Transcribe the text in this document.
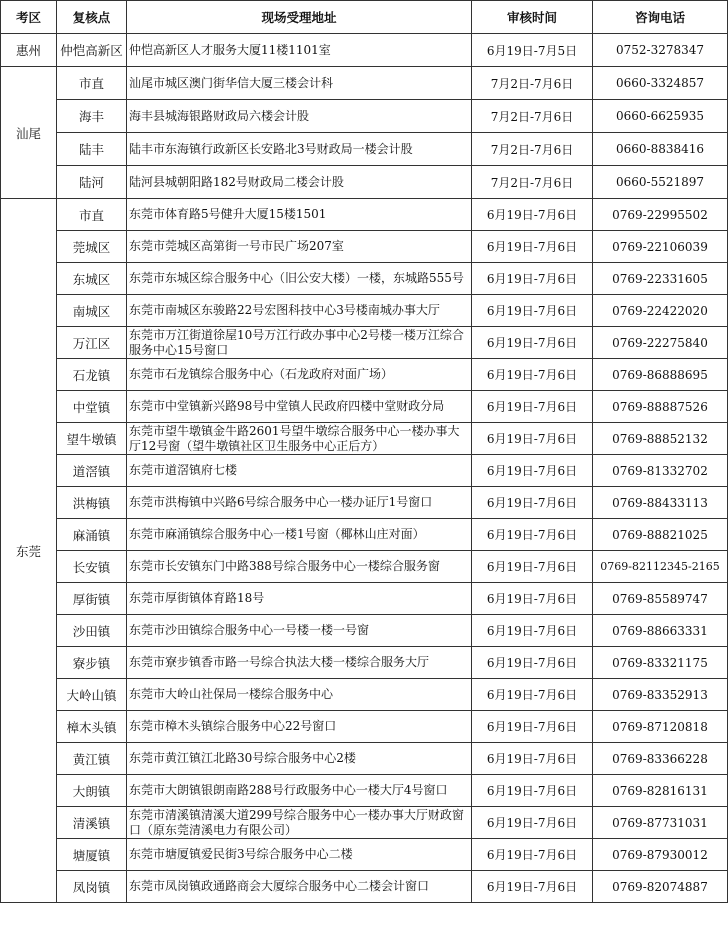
考区	复核点	现场受理地址	审核时间	咨询电话
惠州	仲恺高新区	仲恺高新区人才服务大厦11楼1101室	6月19日-7月5日	0752-3278347
汕尾	市直	汕尾市城区澳门街华信大厦三楼会计科	7月2日-7月6日	0660-3324857
	海丰	海丰县城海银路财政局六楼会计股	7月2日-7月6日	0660-6625935
	陆丰	陆丰市东海镇行政新区长安路北3号财政局一楼会计股	7月2日-7月6日	0660-8838416
	陆河	陆河县城朝阳路182号财政局二楼会计股	7月2日-7月6日	0660-5521897
东莞	市直	东莞市体育路5号健升大厦15楼1501	6月19日-7月6日	0769-22995502
	莞城区	东莞市莞城区高第街一号市民广场207室	6月19日-7月6日	0769-22106039
	东城区	东莞市东城区综合服务中心（旧公安大楼）一楼，东城路555号	6月19日-7月6日	0769-22331605
	南城区	东莞市南城区东骏路22号宏图科技中心3号楼南城办事大厅	6月19日-7月6日	0769-22422020
	万江区	东莞市万江街道徐屋10号万江行政办事中心2号楼一楼万江综合服务中心15号窗口	6月19日-7月6日	0769-22275840
	石龙镇	东莞市石龙镇综合服务中心（石龙政府对面广场）	6月19日-7月6日	0769-86888695
	中堂镇	东莞市中堂镇新兴路98号中堂镇人民政府四楼中堂财政分局	6月19日-7月6日	0769-88887526
	望牛墩镇	东莞市望牛墩镇金牛路2601号望牛墩综合服务中心一楼办事大厅12号窗（望牛墩镇社区卫生服务中心正后方）	6月19日-7月6日	0769-88852132
	道滘镇	东莞市道滘镇府七楼	6月19日-7月6日	0769-81332702
	洪梅镇	东莞市洪梅镇中兴路6号综合服务中心一楼办证厅1号窗口	6月19日-7月6日	0769-88433113
	麻涌镇	东莞市麻涌镇综合服务中心一楼1号窗（椰林山庄对面）	6月19日-7月6日	0769-88821025
	长安镇	东莞市长安镇东门中路388号综合服务中心一楼综合服务窗	6月19日-7月6日	0769-82112345-2165
	厚街镇	东莞市厚街镇体育路18号	6月19日-7月6日	0769-85589747
	沙田镇	东莞市沙田镇综合服务中心一号楼一楼一号窗	6月19日-7月6日	0769-88663331
	寮步镇	东莞市寮步镇香市路一号综合执法大楼一楼综合服务大厅	6月19日-7月6日	0769-83321175
	大岭山镇	东莞市大岭山社保局一楼综合服务中心	6月19日-7月6日	0769-83352913
	樟木头镇	东莞市樟木头镇综合服务中心22号窗口	6月19日-7月6日	0769-87120818
	黄江镇	东莞市黄江镇江北路30号综合服务中心2楼	6月19日-7月6日	0769-83366228
	大朗镇	东莞市大朗镇银朗南路288号行政服务中心一楼大厅4号窗口	6月19日-7月6日	0769-82816131
	清溪镇	东莞市清溪镇清溪大道299号综合服务中心一楼办事大厅财政窗口（原东莞清溪电力有限公司）	6月19日-7月6日	0769-87731031
	塘厦镇	东莞市塘厦镇爱民街3号综合服务中心二楼	6月19日-7月6日	0769-87930012
	凤岗镇	东莞市凤岗镇政通路商会大厦综合服务中心二楼会计窗口	6月19日-7月6日	0769-82074887
